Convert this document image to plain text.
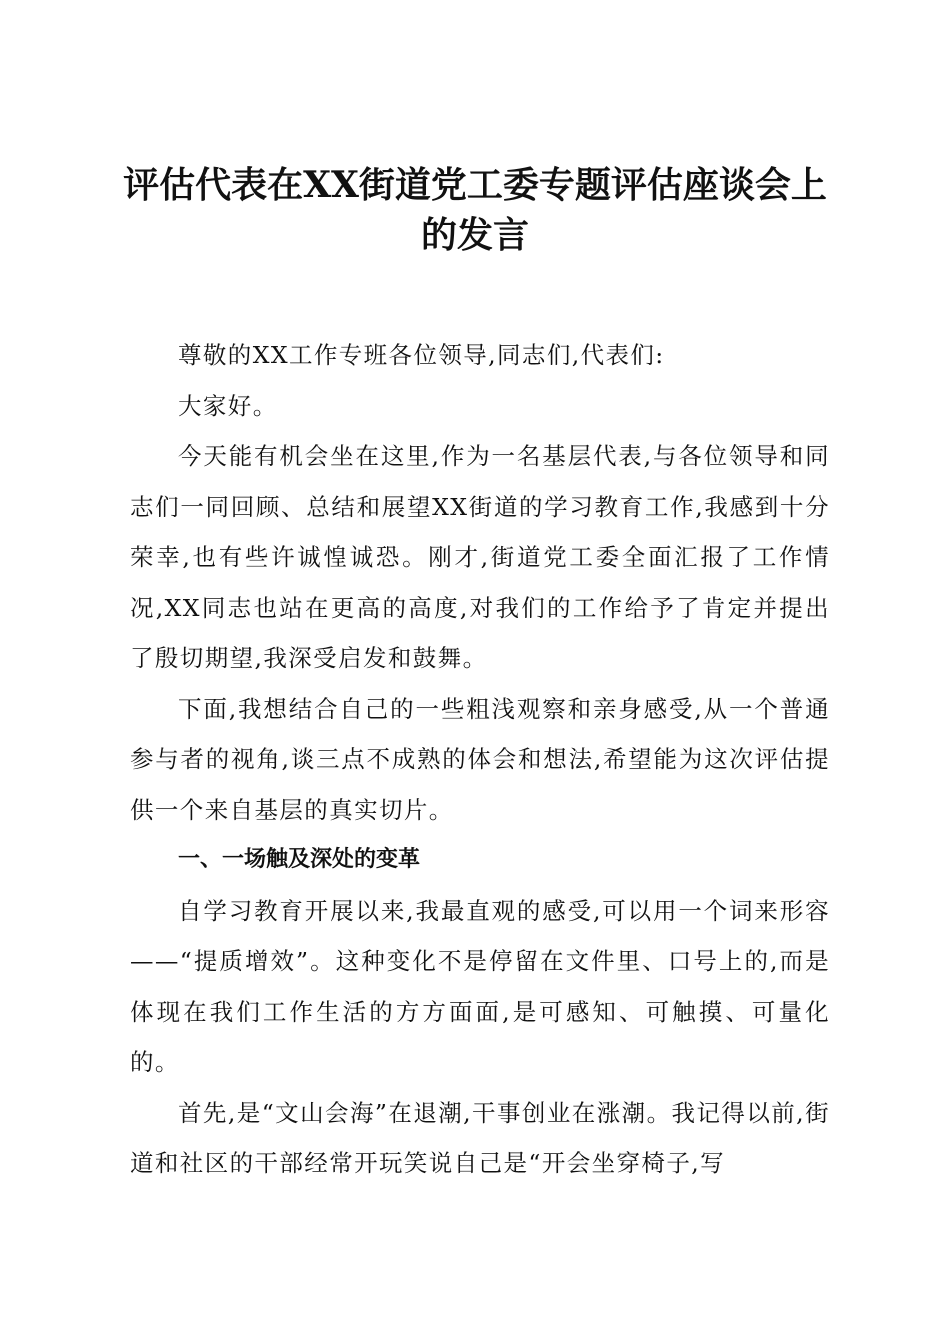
评估代表在XX街道党工委专题评估座谈会上的发言

尊敬的XX工作专班各位领导,同志们,代表们:

大家好。

今天能有机会坐在这里,作为一名基层代表,与各位领导和同志们一同回顾、总结和展望XX街道的学习教育工作,我感到十分荣幸,也有些许诚惶诚恐。刚才,街道党工委全面汇报了工作情况,XX同志也站在更高的高度,对我们的工作给予了肯定并提出了殷切期望,我深受启发和鼓舞。

下面,我想结合自己的一些粗浅观察和亲身感受,从一个普通参与者的视角,谈三点不成熟的体会和想法,希望能为这次评估提供一个来自基层的真实切片。

一、一场触及深处的变革

自学习教育开展以来,我最直观的感受,可以用一个词来形容——“提质增效”。这种变化不是停留在文件里、口号上的,而是体现在我们工作生活的方方面面,是可感知、可触摸、可量化的。

首先,是“文山会海”在退潮,干事创业在涨潮。我记得以前,街道和社区的干部经常开玩笑说自己是“开会坐穿椅子,写
